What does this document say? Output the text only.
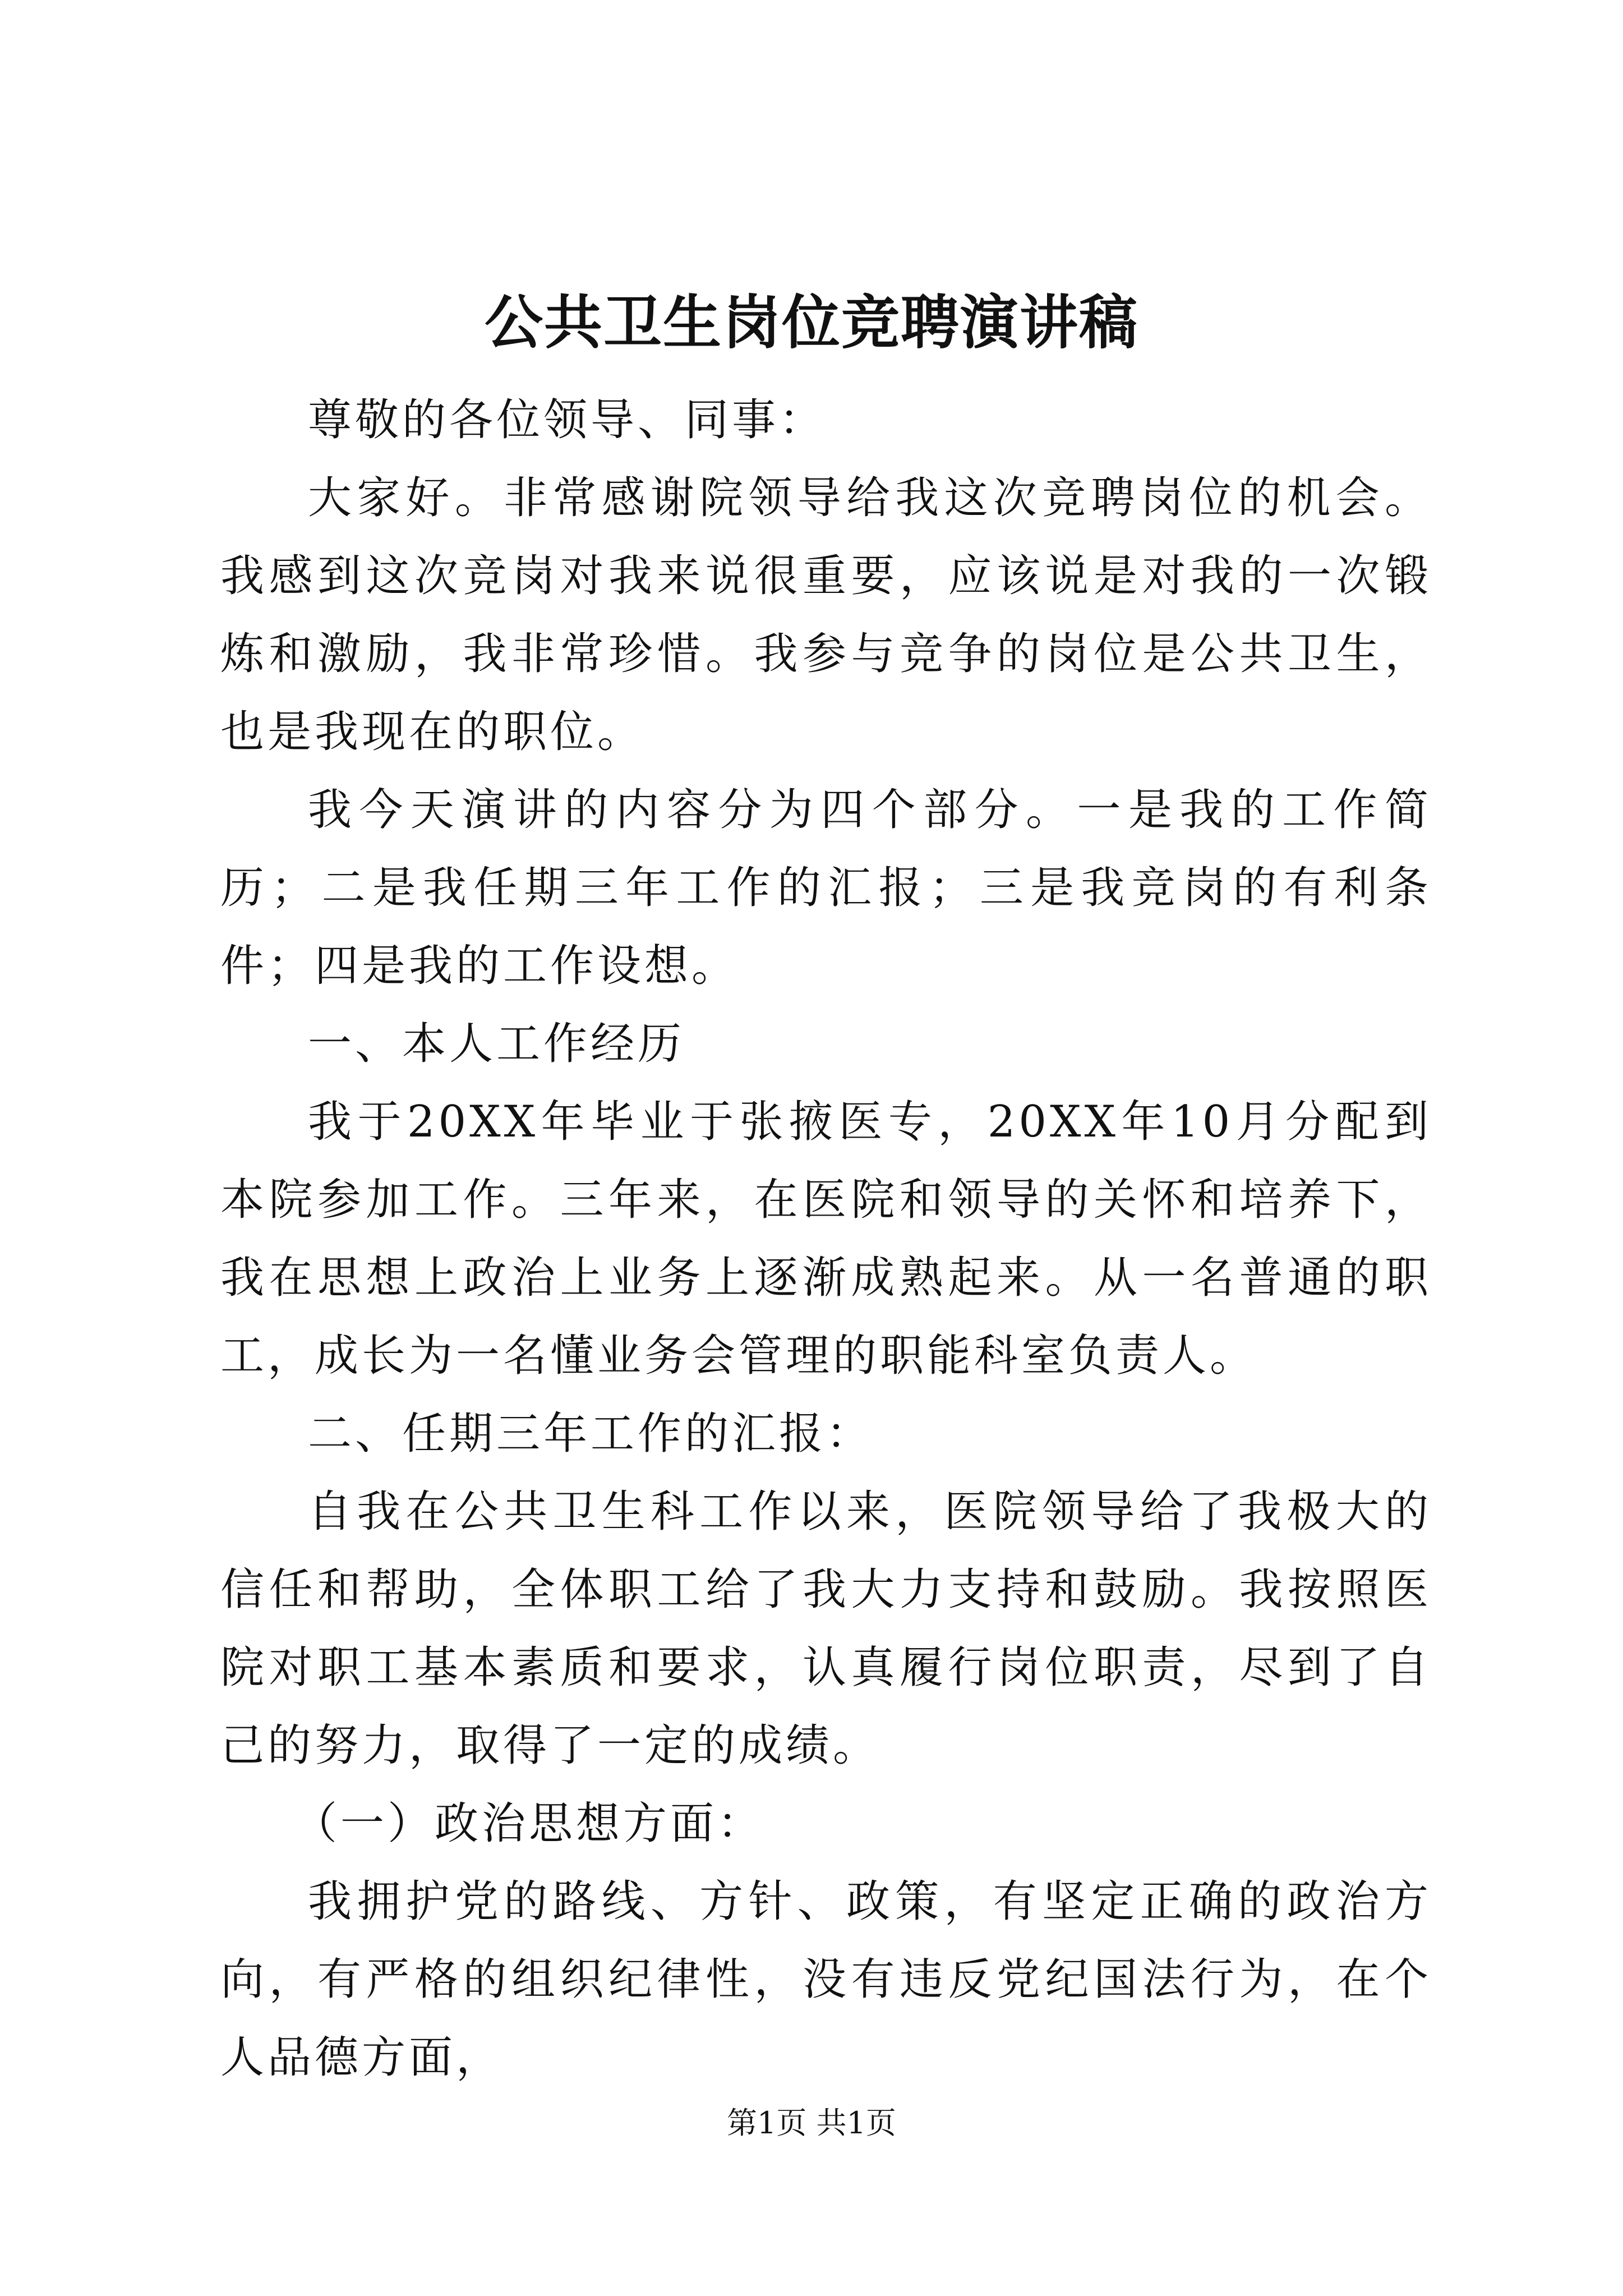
公共卫生岗位竞聘演讲稿

尊敬的各位领导、同事：

大家好。非常感谢院领导给我这次竞聘岗位的机会。我感到这次竞岗对我来说很重要，应该说是对我的一次锻炼和激励，我非常珍惜。我参与竞争的岗位是公共卫生，也是我现在的职位。

我今天演讲的内容分为四个部分。一是我的工作简历；二是我任期三年工作的汇报；三是我竞岗的有利条件；四是我的工作设想。

一、本人工作经历

我于20XX年毕业于张掖医专，20XX年10月分配到本院参加工作。三年来，在医院和领导的关怀和培养下，我在思想上政治上业务上逐渐成熟起来。从一名普通的职工，成长为一名懂业务会管理的职能科室负责人。

二、任期三年工作的汇报：

自我在公共卫生科工作以来，医院领导给了我极大的信任和帮助，全体职工给了我大力支持和鼓励。我按照医院对职工基本素质和要求，认真履行岗位职责，尽到了自己的努力，取得了一定的成绩。

（一）政治思想方面：

我拥护党的路线、方针、政策，有坚定正确的政治方向，有严格的组织纪律性，没有违反党纪国法行为，在个人品德方面，

第1页 共1页
